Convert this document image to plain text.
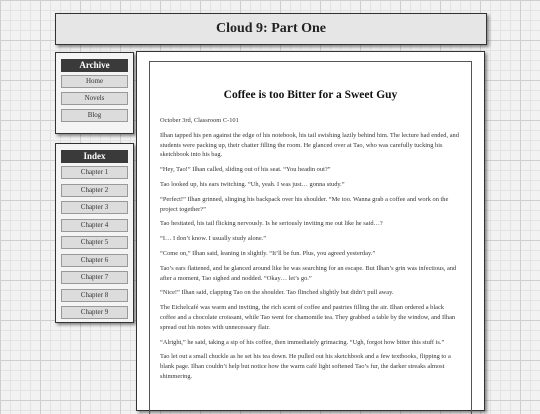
Cloud 9: Part One
Archive
Home
Novels
Blog
Index
Chapter 1
Chapter 2
Chapter 3
Chapter 4
Chapter 5
Chapter 6
Chapter 7
Chapter 8
Chapter 9
Coffee is too Bitter for a Sweet Guy

October 3rd, Classroom C-101

Ilhan tapped his pen against the edge of his notebook, his tail swishing lazily behind him. The lecture had ended, and students were packing up, their chatter filling the room. He glanced over at Tao, who was carefully tucking his sketchbook into his bag.

“Hey, Tao!” Ilhan called, sliding out of his seat. “You headin out?”

Tao looked up, his ears twitching. “Uh, yeah. I was just… gonna study.”

“Perfect!” Ilhan grinned, slinging his backpack over his shoulder. “Me too. Wanna grab a coffee and work on the project together?”

Tao hesitated, his tail flicking nervously. Is he seriously inviting me out like he said…?

“I… I don’t know. I usually study alone.”

“Come on,” Ilhan said, leaning in slightly. “It’ll be fun. Plus, you agreed yesterday.”

Tao’s ears flattened, and he glanced around like he was searching for an escape. But Ilhan’s grin was infectious, and after a moment, Tao sighed and nodded. “Okay… let’s go.”

“Nice!” Ilhan said, clapping Tao on the shoulder. Tao flinched slightly but didn’t pull away.

The Eichelcafé was warm and inviting, the rich scent of coffee and pastries filling the air. Ilhan ordered a black coffee and a chocolate croissant, while Tao went for chamomile tea. They grabbed a table by the window, and Ilhan spread out his notes with unnecessary flair.

“Alright,” he said, taking a sip of his coffee, then immediately grimacing. “Ugh, forgot how bitter this stuff is.”

Tao let out a small chuckle as he set his tea down. He pulled out his sketchbook and a few textbooks, flipping to a blank page. Ilhan couldn’t help but notice how the warm café light softened Tao’s fur, the darker streaks almost shimmering.
